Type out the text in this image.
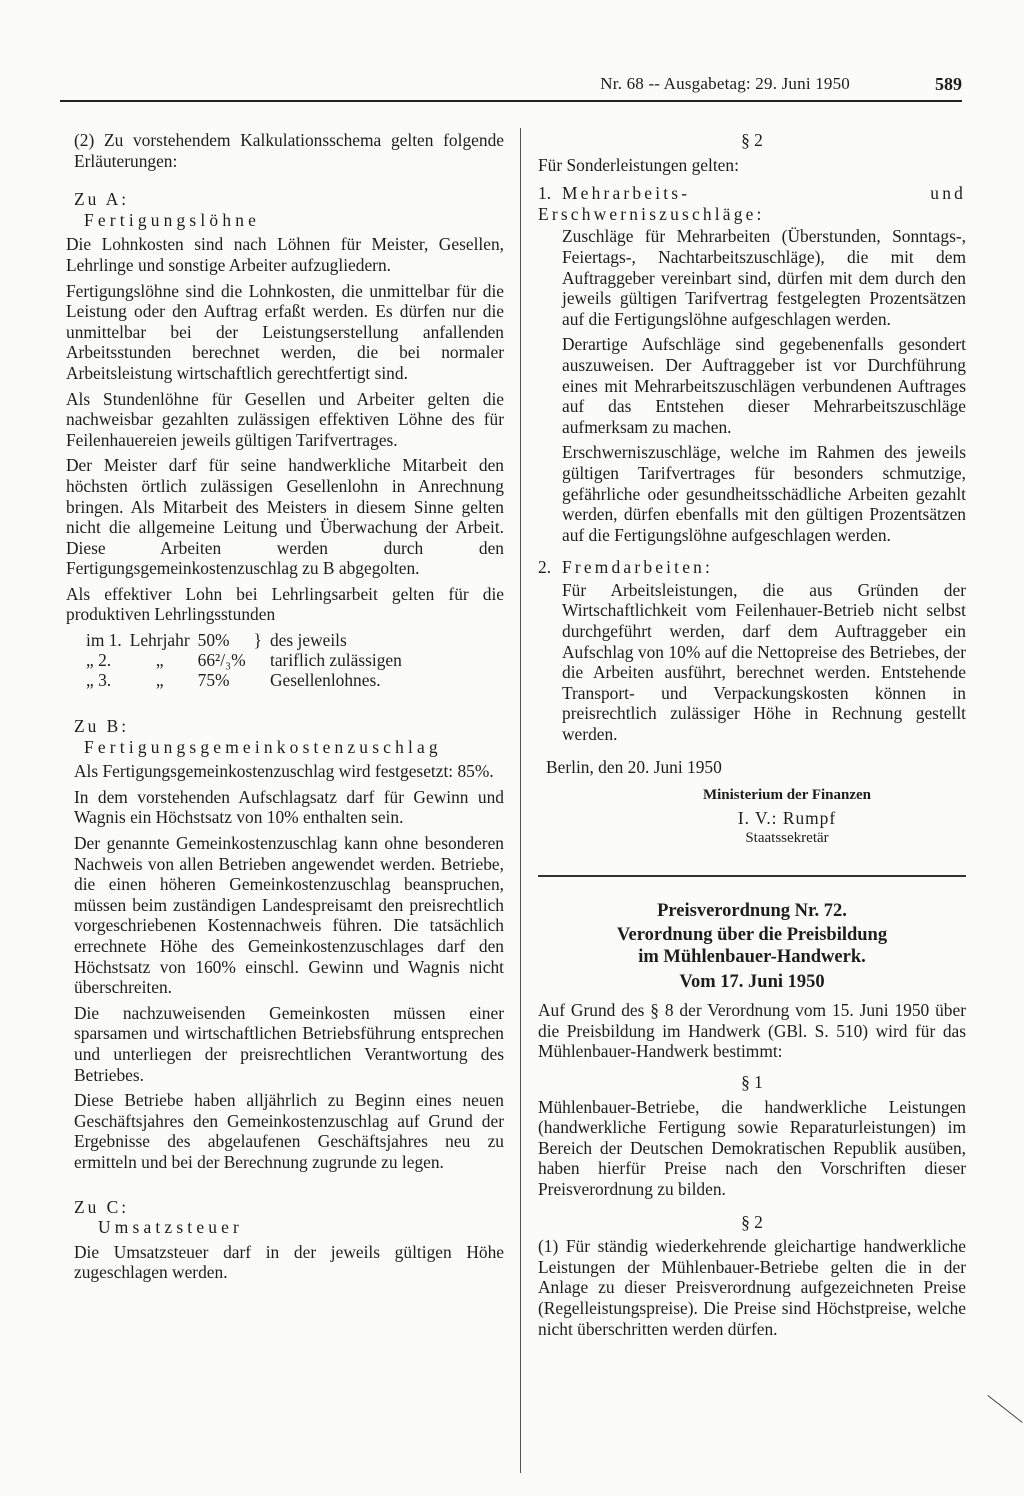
Nr. 68 -- Ausgabetag: 29. Juni 1950	589

(2) Zu vorstehendem Kalkulationsschema gelten folgende Erläuterungen:

Zu A:

Fertigungslöhne

Die Lohnkosten sind nach Löhnen für Meister, Gesellen, Lehrlinge und sonstige Arbeiter aufzugliedern.

Fertigungslöhne sind die Lohnkosten, die unmittelbar für die Leistung oder den Auftrag erfaßt werden. Es dürfen nur die unmittelbar bei der Leistungserstellung anfallenden Arbeitsstunden berechnet werden, die bei normaler Arbeitsleistung wirtschaftlich gerechtfertigt sind.

Als Stundenlöhne für Gesellen und Arbeiter gelten die nachweisbar gezahlten zulässigen effektiven Löhne des für Feilenhauereien jeweils gültigen Tarifvertrages.

Der Meister darf für seine handwerkliche Mitarbeit den höchsten örtlich zulässigen Gesellenlohn in Anrechnung bringen. Als Mitarbeit des Meisters in diesem Sinne gelten nicht die allgemeine Leitung und Überwachung der Arbeit. Diese Arbeiten werden durch den Fertigungsgemeinkostenzuschlag zu B abgegolten.

Als effektiver Lohn bei Lehrlingsarbeit gelten für die produktiven Lehrlingsstunden

im 1.	Lehrjahr	50%	}	des jeweils
„ 2.	„	66²/₃%		tariflich zulässigen
„ 3.	„	75%		Gesellenlohnes.

Zu B:

Fertigungsgemeinkostenzuschlag

Als Fertigungsgemeinkostenzuschlag wird festgesetzt: 85%.

In dem vorstehenden Aufschlagsatz darf für Gewinn und Wagnis ein Höchstsatz von 10% enthalten sein.

Der genannte Gemeinkostenzuschlag kann ohne besonderen Nachweis von allen Betrieben angewendet werden. Betriebe, die einen höheren Gemeinkostenzuschlag beanspruchen, müssen beim zuständigen Landespreisamt den preisrechtlich vorgeschriebenen Kostennachweis führen. Die tatsächlich errechnete Höhe des Gemeinkostenzuschlages darf den Höchstsatz von 160% einschl. Gewinn und Wagnis nicht überschreiten.

Die nachzuweisenden Gemeinkosten müssen einer sparsamen und wirtschaftlichen Betriebsführung entsprechen und unterliegen der preisrechtlichen Verantwortung des Betriebes.

Diese Betriebe haben alljährlich zu Beginn eines neuen Geschäftsjahres den Gemeinkostenzuschlag auf Grund der Ergebnisse des abgelaufenen Geschäftsjahres neu zu ermitteln und bei der Berechnung zugrunde zu legen.

Zu C:

Umsatzsteuer

Die Umsatzsteuer darf in der jeweils gültigen Höhe zugeschlagen werden.

§ 2

Für Sonderleistungen gelten:

1. Mehrarbeits- und Erschwerniszuschläge:

Zuschläge für Mehrarbeiten (Überstunden, Sonntags-, Feiertags-, Nachtarbeitszuschläge), die mit dem Auftraggeber vereinbart sind, dürfen mit dem durch den jeweils gültigen Tarifvertrag festgelegten Prozentsätzen auf die Fertigungslöhne aufgeschlagen werden.

Derartige Aufschläge sind gegebenenfalls gesondert auszuweisen. Der Auftraggeber ist vor Durchführung eines mit Mehrarbeitszuschlägen verbundenen Auftrages auf das Entstehen dieser Mehrarbeitszuschläge aufmerksam zu machen.

Erschwerniszuschläge, welche im Rahmen des jeweils gültigen Tarifvertrages für besonders schmutzige, gefährliche oder gesundheitsschädliche Arbeiten gezahlt werden, dürfen ebenfalls mit den gültigen Prozentsätzen auf die Fertigungslöhne aufgeschlagen werden.

2. Fremdarbeiten:

Für Arbeitsleistungen, die aus Gründen der Wirtschaftlichkeit vom Feilenhauer-Betrieb nicht selbst durchgeführt werden, darf dem Auftraggeber ein Aufschlag von 10% auf die Nettopreise des Betriebes, der die Arbeiten ausführt, berechnet werden. Entstehende Transport- und Verpackungskosten können in preisrechtlich zulässiger Höhe in Rechnung gestellt werden.

Berlin, den 20. Juni 1950

Ministerium der Finanzen

I. V.: Rumpf

Staatssekretär

Preisverordnung Nr. 72.

Verordnung über die Preisbildung

im Mühlenbauer-Handwerk.

Vom 17. Juni 1950

Auf Grund des § 8 der Verordnung vom 15. Juni 1950 über die Preisbildung im Handwerk (GBl. S. 510) wird für das Mühlenbauer-Handwerk bestimmt:

§ 1

Mühlenbauer-Betriebe, die handwerkliche Leistungen (handwerkliche Fertigung sowie Reparaturleistungen) im Bereich der Deutschen Demokratischen Republik ausüben, haben hierfür Preise nach den Vorschriften dieser Preisverordnung zu bilden.

§ 2

(1) Für ständig wiederkehrende gleichartige handwerkliche Leistungen der Mühlenbauer-Betriebe gelten die in der Anlage zu dieser Preisverordnung aufgezeichneten Preise (Regelleistungspreise). Die Preise sind Höchstpreise, welche nicht überschritten werden dürfen.
